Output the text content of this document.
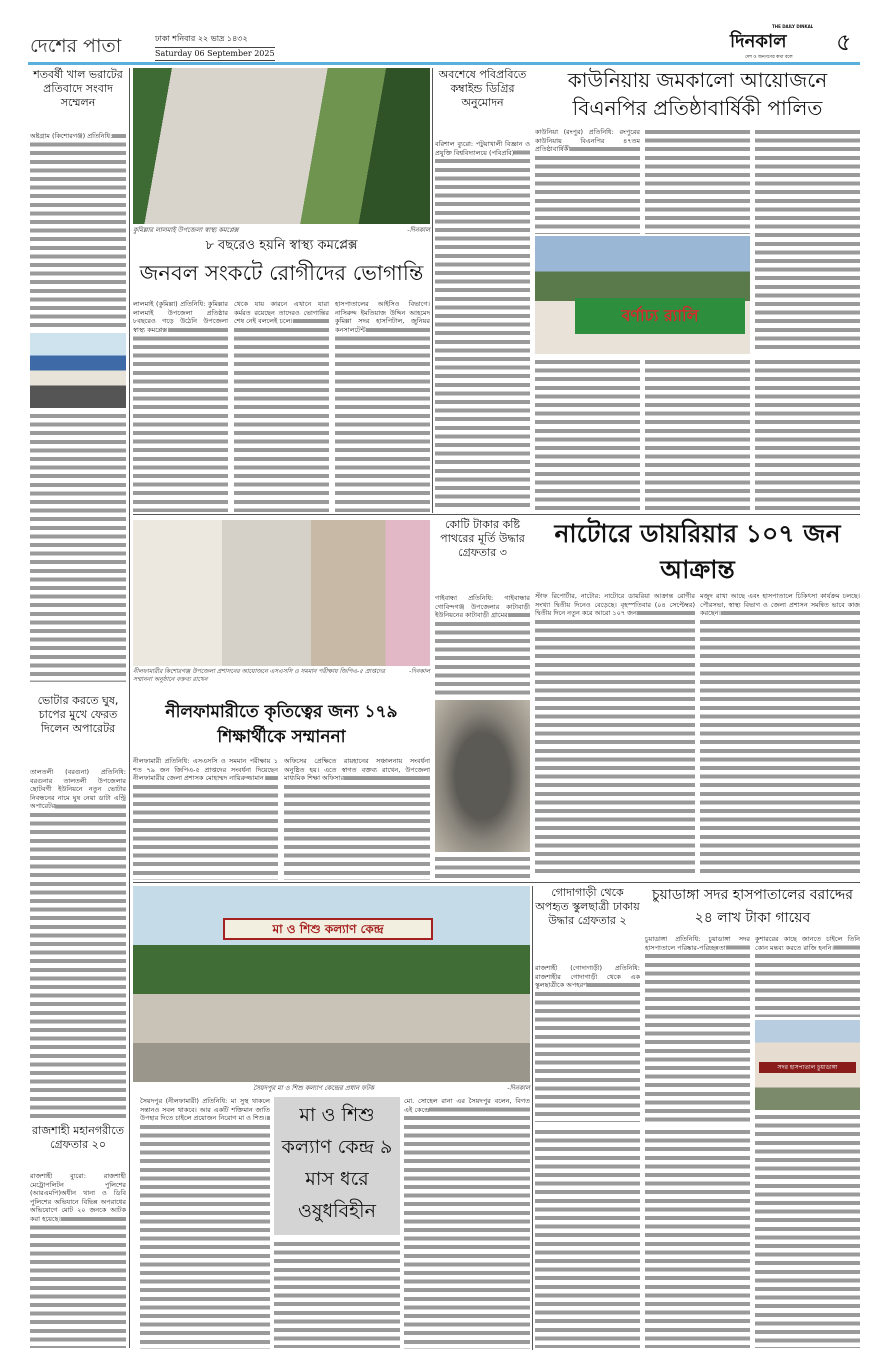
দেশের পাতা	ঢাকা শনিবার ২২ ভাদ্র ১৪৩২
Saturday 06 September 2025
THE DAILY DINKAL
দিনকাল
দেশ ও জনগণের কথা বলে
৫
শতবর্ষী খাল ভরাটের প্রতিবাদে সংবাদ সম্মেলন
অষ্টগ্রাম (কিশোরগঞ্জ) প্রতিনিধি:
ভোটার করতে ঘুষ, চাপের মুখে ফেরত দিলেন অপারেটর
তালতলী (বরগুনা) প্রতিনিধি: বরগুনার তালতলী উপজেলার ছোটবগী ইউনিয়নে নতুন ভোটার নিবন্ধনের নামে ঘুষ নেয়া ডাটা এন্ট্রি অপারেটর
রাজশাহী মহানগরীতে গ্রেফতার ২০
রাজশাহী ব্যুরো: রাজশাহী মেট্রোপলিটন পুলিশের (আরএমপি)অধীন থানা ও ডিবি পুলিশের অভিযানে বিভিন্ন অপরাধের অভিযোগে মোট ২০ জনকে আটক করা হয়েছে।
কুমিল্লার লালমাই উপজেলা স্বাস্থ্য কমপ্লেক্স	-দিনকাল
৮ বছরেও হয়নি স্বাস্থ্য কমপ্লেক্স
জনবল সংকটে রোগীদের ভোগান্তি
লালমাই (কুমিল্লা) প্রতিনিধি: কুমিল্লার লালমাই উপজেলা প্রতিষ্ঠার ৮বছরেও গড়ে উঠেনি উপজেলা স্বাস্থ্য কমপ্লেক্স।
থেকে যায় কারনে এখানে যারা কর্মরত রয়েছেন তাদেরও ভোগান্তির শেষ নেই বললেই চলে।
হাসপাতালের আইসিও বিভাগে। নাসিরুদ্দ ইমতিয়াজ উদ্দিন আহমেদ কুমিল্লা সদর হাসপিটাল, জুনিয়র কনসালটেন্ট
অবশেষে পবিপ্রবিতে কম্বাইন্ড ডিগ্রির অনুমোদন
বরিশাল ব্যুরো: পটুয়াখালী বিজ্ঞান ও প্রযুক্তি বিশ্ববিদ্যালয়ে (পবিপ্রবি)
কাউনিয়ায় জমকালো আয়োজনে বিএনপির প্রতিষ্ঠাবার্ষিকী পালিত
কাউনিয়া (রংপুর) প্রতিনিধি: রংপুরের কাউনিয়ায় বিএনপির ৪৭তম প্রতিষ্ঠাবার্ষিকী
বর্ণাঢ্য র‍্যালি
নীলফামারীর কিশোরগঞ্জ উপজেলা প্রশাসনের আয়োজনে এসএসসি ও সমমান পরীক্ষায় জিপিএ-৫ প্রাপ্তদের সম্মাননা অনুষ্ঠানে বক্তব্য রাখেন
-দিনকাল
কোটি টাকার কষ্টি পাথরের মূর্তি উদ্ধার গ্রেফতার ৩
গাইবান্ধা প্রতিনিধি: গাইবান্ধার গোবিন্দগঞ্জ উপজেলার কাটাবাড়ী ইউনিয়নের কাটাবাড়ী গ্রামের
নাটোরে ডায়রিয়ার ১০৭ জন আক্রান্ত
স্টাফ রিপোর্টার, নাটোর: নাটোরে ডায়রিয়া আক্রান্ত রোগীর সংখ্যা দ্বিতীয় দিনেও বেড়েছে। বৃহস্পতিবার (০৪ সেপ্টেম্বর) দ্বিতীয় দিনে নতুন করে আরো ১০৭ জন
মজুদ রাখা আছে এবং হাসপাতালে চিকিৎসা কার্যক্রম চলছে। পৌরসভা, স্বাস্থ্য বিভাগ ও জেলা প্রশাসন সমন্বিত ভাবে কাজ করছেন।
নীলফামারীতে কৃতিত্বের জন্য ১৭৯ শিক্ষার্থীকে সম্মাননা
নীলফামারী প্রতিনিধি: এসএসসি ও সমমান পরীক্ষায় ১ শত ৭৯ জন জিপিএ-৫ প্রাপ্তদের সংবর্ধনা দিয়েছেন নীলফামারীর জেলা প্রশাসক মোহাম্মদ নায়িরুজ্জামান।
অফিসের প্রেক্ষিতে রায়হানের সঞ্চালনায় সংবর্ধনা অনুষ্ঠিত হয়। এতে স্বাগত বক্তব্য রাখেন, উপজেলা মাধ্যমিক শিক্ষা অফিসার
মা ও শিশু কল্যাণ কেন্দ্র
সৈয়দপুর মা ও শিশু কল্যাণ কেন্দ্রের প্রধান ফটক	-দিনকাল
সৈয়দপুর (নীলফামারী) প্রতিনিধি: মা সুস্থ থাকলে সন্তানও সবল থাকবে। আর একটি শক্তিমান জাতি উপহার দিতে চাইলে প্রয়োজন নিরোগ মা ও শিশু।	মা ও শিশু কল্যাণ কেন্দ্র ৯ মাস ধরে ওষুধবিহীন
মো. সোহেল রানা এর সৈয়দপুর বলেন, বিগত এই কেন্দ্রে
গোদাগাড়ী থেকে অপহৃত স্কুলছাত্রী ঢাকায় উদ্ধার গ্রেফতার ২
রাজশাহী (গোদাগাড়ী) প্রতিনিধি: রাজশাহীর গোদাগাড়ী থেকে এক স্কুলছাত্রীকে অপহরণ
চুয়াডাঙ্গা সদর হাসপাতালের বরাদ্দের ২৪ লাখ টাকা গায়েব
চুয়াডাঙ্গা প্রতিনিধি: চুয়াডাঙ্গা সদর হাসপাতালে পরিষ্কার-পরিচ্ছন্নতা
কুশাররের কাছে জানতে চাইলে তিনি কোন মন্তব্য করতে রাজি হননি।
সদর হাসপাতাল চুয়াডাঙ্গা
